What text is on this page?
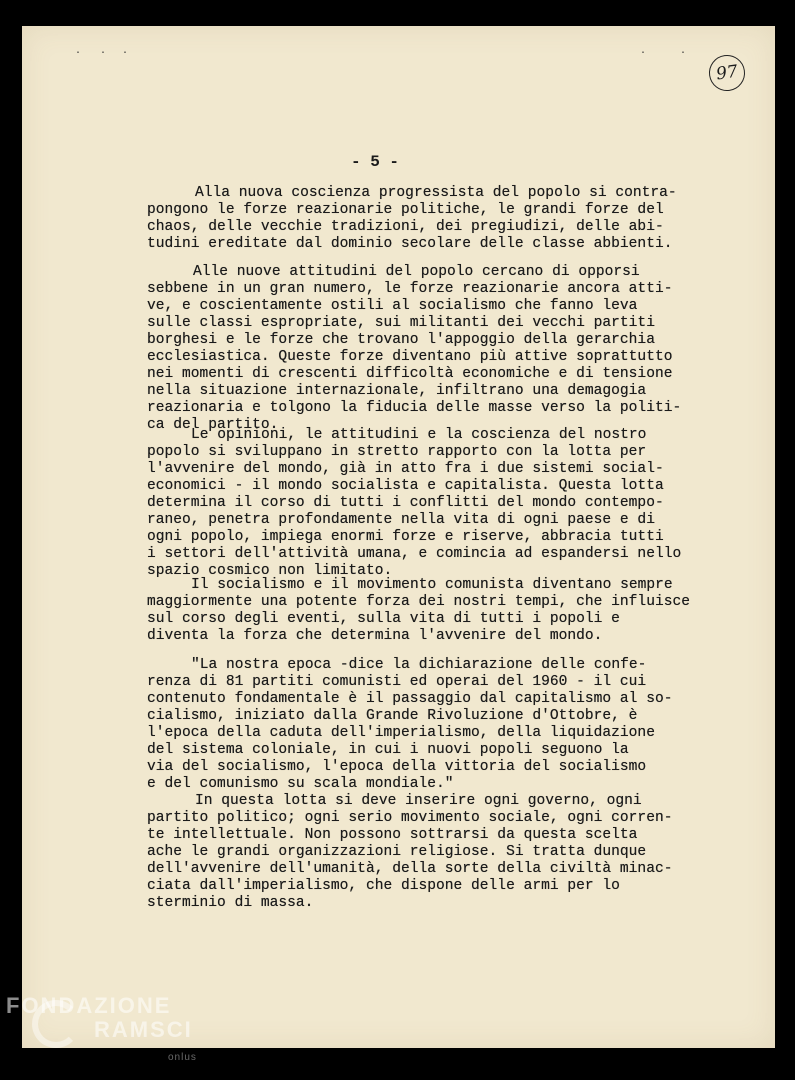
· · ·	·	·
97
- 5 -
Alla nuova coscienza progressista del popolo si contra-
pongono le forze reazionarie politiche, le grandi forze del
chaos, delle vecchie tradizioni, dei pregiudizi, delle abi-
tudini ereditate dal dominio secolare delle classe abbienti.
Alle nuove attitudini del popolo cercano di opporsi
sebbene in un gran numero, le forze reazionarie ancora atti-
ve, e coscientamente ostili al socialismo che fanno leva
sulle classi espropriate, sui militanti dei vecchi partiti
borghesi e le forze che trovano l'appoggio della gerarchia
ecclesiastica. Queste forze diventano più attive soprattutto
nei momenti di crescenti difficoltà economiche e di tensione
nella situazione internazionale, infiltrano una demagogia
reazionaria e tolgono la fiducia delle masse verso la politi-
ca del partito.
Le opinioni, le attitudini e la coscienza del nostro
popolo si sviluppano in stretto rapporto con la lotta per
l'avvenire del mondo, già in atto fra i due sistemi social-
economici - il mondo socialista e capitalista. Questa lotta
determina il corso di tutti i conflitti del mondo contempo-
raneo, penetra profondamente nella vita di ogni paese e di
ogni popolo, impiega enormi forze e riserve, abbracia tutti
i settori dell'attività umana, e comincia ad espandersi nello
spazio cosmico non limitato.
Il socialismo e il movimento comunista diventano sempre
maggiormente una potente forza dei nostri tempi, che influisce
sul corso degli eventi, sulla vita di tutti i popoli e
diventa la forza che determina l'avvenire del mondo.
"La nostra epoca -dice la dichiarazione delle confe-
renza di 81 partiti comunisti ed operai del 1960 - il cui
contenuto fondamentale è il passaggio dal capitalismo al so-
cialismo, iniziato dalla Grande Rivoluzione d'Ottobre, è
l'epoca della caduta dell'imperialismo, della liquidazione
del sistema coloniale, in cui i nuovi popoli seguono la
via del socialismo, l'epoca della vittoria del socialismo
e del comunismo su scala mondiale."
In questa lotta si deve inserire ogni governo, ogni
partito politico; ogni serio movimento sociale, ogni corren-
te intellettuale. Non possono sottrarsi da questa scelta
ache le grandi organizzazioni religiose. Si tratta dunque
dell'avvenire dell'umanità, della sorte della civiltà minac-
ciata dall'imperialismo, che dispone delle armi per lo
sterminio di massa.
FONDAZIONE
RAMSCI
onlus
